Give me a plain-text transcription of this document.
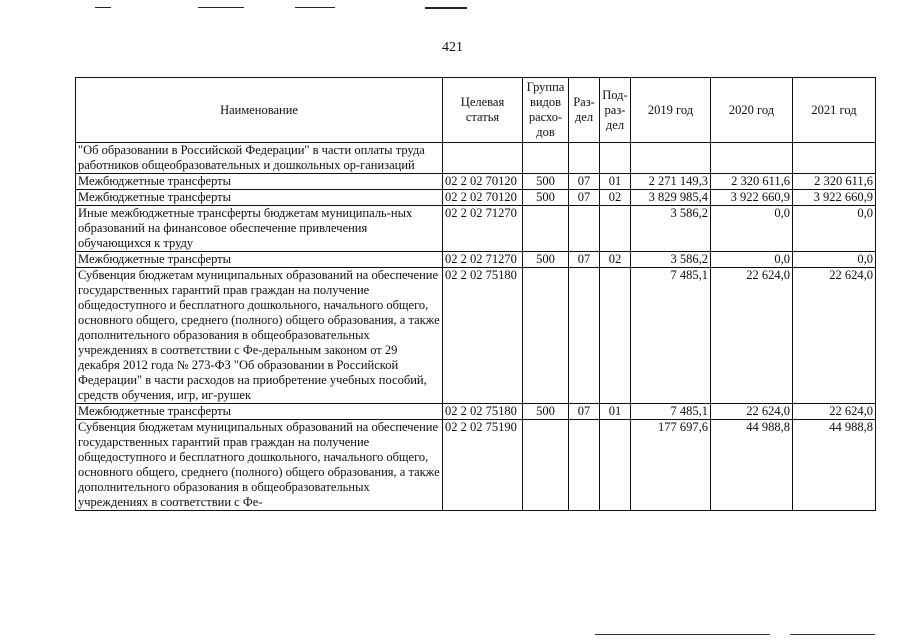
421
Наименование	Целевая статья	Группа видов расхо-дов	Раз-дел	Под-раз-дел	2019 год	2020 год	2021 год
"Об образовании в Российской Федерации" в части оплаты труда работников общеобразовательных и дошкольных ор-ганизаций							
Межбюджетные трансферты	02 2 02 70120	500	07	01	2 271 149,3	2 320 611,6	2 320 611,6
Межбюджетные трансферты	02 2 02 70120	500	07	02	3 829 985,4	3 922 660,9	3 922 660,9
Иные межбюджетные трансферты бюджетам муниципаль-ных образований на финансовое обеспечение привлечения обучающихся к труду	02 2 02 71270				3 586,2	0,0	0,0
Межбюджетные трансферты	02 2 02 71270	500	07	02	3 586,2	0,0	0,0
Субвенция бюджетам муниципальных образований на обеспечение государственных гарантий прав граждан на получение общедоступного и бесплатного дошкольного, начального общего, основного общего, среднего (полного) общего образования, а также дополнительного образования в общеобразовательных учреждениях в соответствии с Фе-деральным законом от 29 декабря 2012 года № 273-ФЗ "Об образовании в Российской Федерации" в части расходов на приобретение учебных пособий, средств обучения, игр, иг-рушек	02 2 02 75180				7 485,1	22 624,0	22 624,0
Межбюджетные трансферты	02 2 02 75180	500	07	01	7 485,1	22 624,0	22 624,0
Субвенция бюджетам муниципальных образований на обеспечение государственных гарантий прав граждан на получение общедоступного и бесплатного дошкольного, начального общего, основного общего, среднего (полного) общего образования, а также дополнительного образования в общеобразовательных учреждениях в соответствии с Фе-	02 2 02 75190				177 697,6	44 988,8	44 988,8
